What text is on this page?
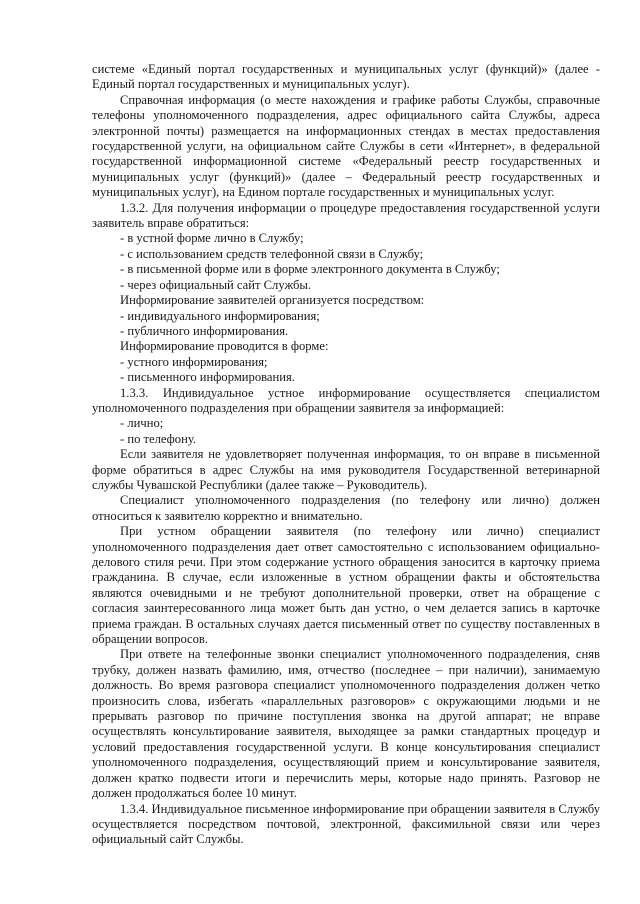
системе «Единый портал государственных и муниципальных услуг (функций)» (далее - Единый портал государственных и муниципальных услуг).

Справочная информация (о месте нахождения и графике работы Службы, справочные телефоны уполномоченного подразделения, адрес официального сайта Службы, адреса электронной почты) размещается на информационных стендах в местах предоставления государственной услуги, на официальном сайте Службы в сети «Интернет», в федеральной государственной информационной системе «Федеральный реестр государственных и муниципальных услуг (функций)» (далее – Федеральный реестр государственных и муниципальных услуг), на Едином портале государственных и муниципальных услуг.

1.3.2. Для получения информации о процедуре предоставления государственной услуги заявитель вправе обратиться:

- в устной форме лично в Службу;

- с использованием средств телефонной связи в Службу;

- в письменной форме или в форме электронного документа в Службу;

- через официальный сайт Службы.

Информирование заявителей организуется посредством:

- индивидуального информирования;

- публичного информирования.

Информирование проводится в форме:

- устного информирования;

- письменного информирования.

1.3.3. Индивидуальное устное информирование осуществляется специалистом уполномоченного подразделения при обращении заявителя за информацией:

- лично;

- по телефону.

Если заявителя не удовлетворяет полученная информация, то он вправе в письменной форме обратиться в адрес Службы на имя руководителя Государственной ветеринарной службы Чувашской Республики (далее также – Руководитель).

Специалист уполномоченного подразделения (по телефону или лично) должен относиться к заявителю корректно и внимательно.

При устном обращении заявителя (по телефону или лично) специалист уполномоченного подразделения дает ответ самостоятельно с использованием официально-делового стиля речи. При этом содержание устного обращения заносится в карточку приема гражданина. В случае, если изложенные в устном обращении факты и обстоятельства являются очевидными и не требуют дополнительной проверки, ответ на обращение с согласия заинтересованного лица может быть дан устно, о чем делается запись в карточке приема граждан. В остальных случаях дается письменный ответ по существу поставленных в обращении вопросов.

При ответе на телефонные звонки специалист уполномоченного подразделения, сняв трубку, должен назвать фамилию, имя, отчество (последнее – при наличии), занимаемую должность. Во время разговора специалист уполномоченного подразделения должен четко произносить слова, избегать «параллельных разговоров» с окружающими людьми и не прерывать разговор по причине поступления звонка на другой аппарат; не вправе осуществлять консультирование заявителя, выходящее за рамки стандартных процедур и условий предоставления государственной услуги. В конце консультирования специалист уполномоченного подразделения, осуществляющий прием и консультирование заявителя, должен кратко подвести итоги и перечислить меры, которые надо принять. Разговор не должен продолжаться более 10 минут.

1.3.4. Индивидуальное письменное информирование при обращении заявителя в Службу осуществляется посредством почтовой, электронной, факсимильной связи или через официальный сайт Службы.
